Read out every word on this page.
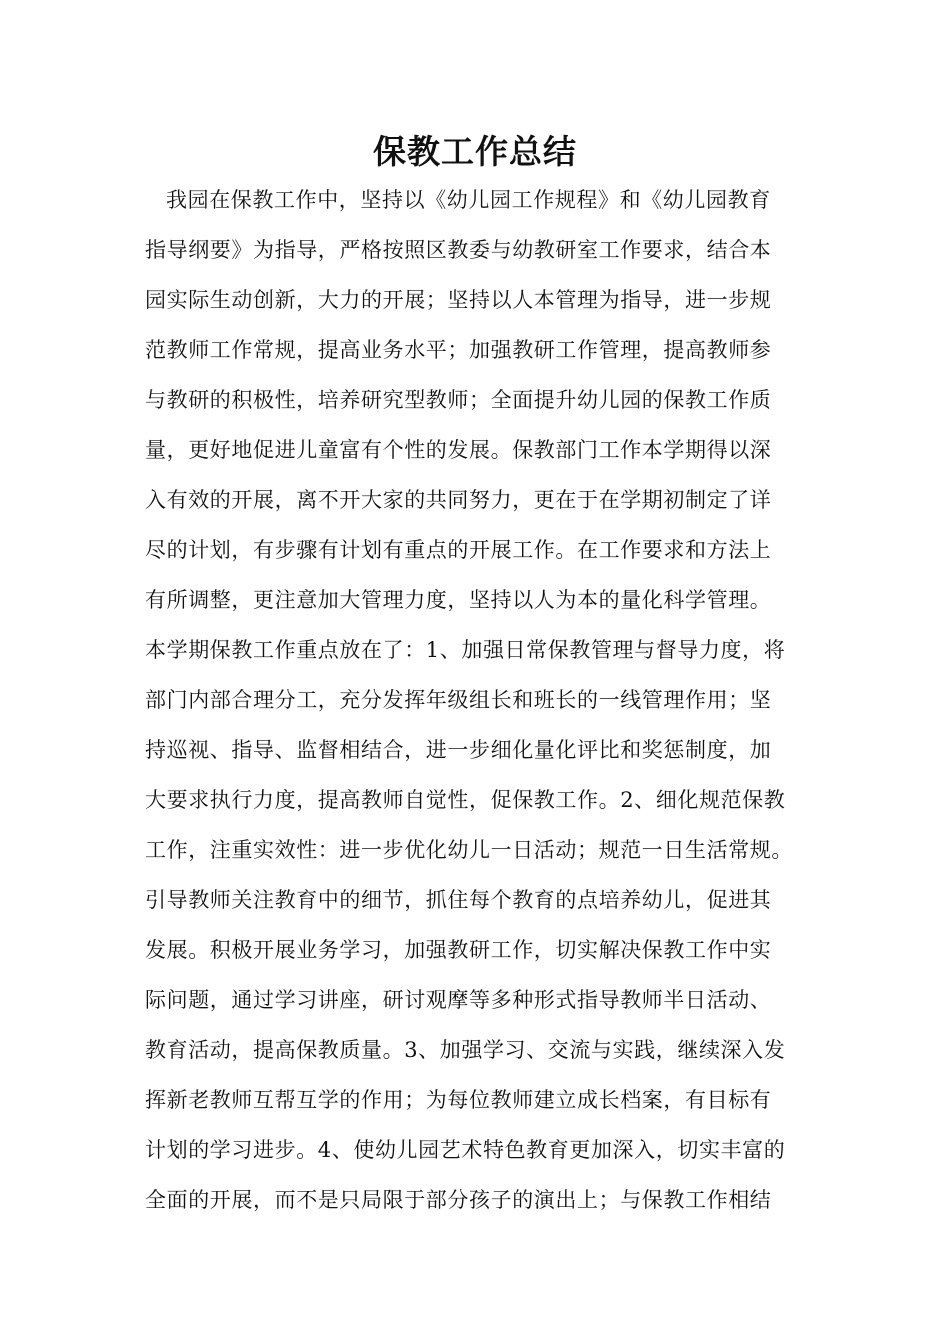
保教工作总结
我园在保教工作中，坚持以《幼儿园工作规程》和《幼儿园教育
指导纲要》为指导，严格按照区教委与幼教研室工作要求，结合本
园实际生动创新，大力的开展；坚持以人本管理为指导，进一步规
范教师工作常规，提高业务水平；加强教研工作管理，提高教师参
与教研的积极性，培养研究型教师；全面提升幼儿园的保教工作质
量，更好地促进儿童富有个性的发展。保教部门工作本学期得以深
入有效的开展，离不开大家的共同努力，更在于在学期初制定了详
尽的计划，有步骤有计划有重点的开展工作。在工作要求和方法上
有所调整，更注意加大管理力度，坚持以人为本的量化科学管理。
本学期保教工作重点放在了：1、加强日常保教管理与督导力度，将
部门内部合理分工，充分发挥年级组长和班长的一线管理作用；坚
持巡视、指导、监督相结合，进一步细化量化评比和奖惩制度，加
大要求执行力度，提高教师自觉性，促保教工作。2、细化规范保教
工作，注重实效性：进一步优化幼儿一日活动；规范一日生活常规。
引导教师关注教育中的细节，抓住每个教育的点培养幼儿，促进其
发展。积极开展业务学习，加强教研工作，切实解决保教工作中实
际问题，通过学习讲座，研讨观摩等多种形式指导教师半日活动、
教育活动，提高保教质量。3、加强学习、交流与实践，继续深入发
挥新老教师互帮互学的作用；为每位教师建立成长档案，有目标有
计划的学习进步。4、使幼儿园艺术特色教育更加深入，切实丰富的
全面的开展，而不是只局限于部分孩子的演出上；与保教工作相结
